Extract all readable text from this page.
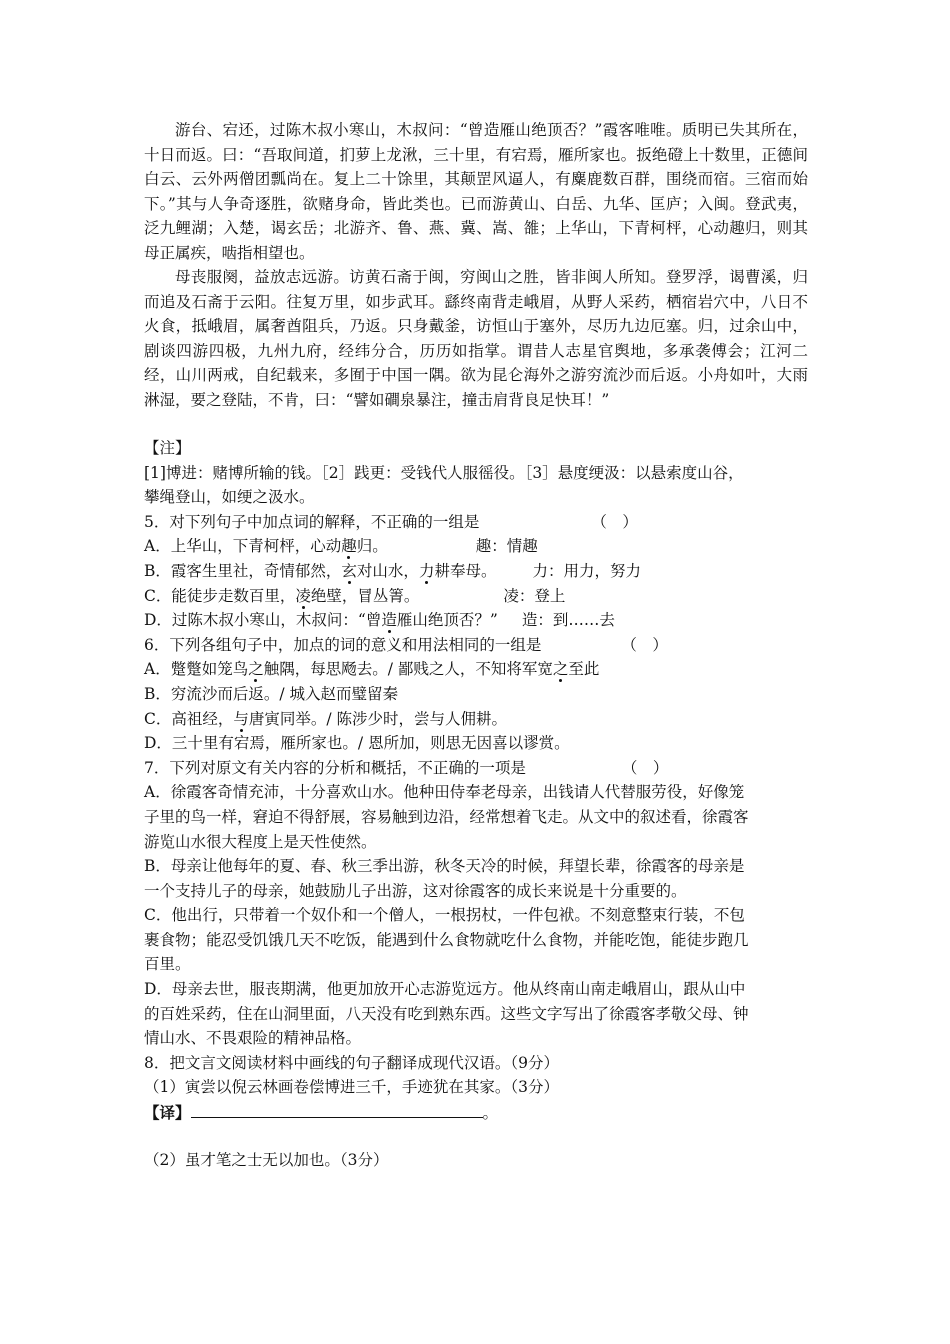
游台、宕还，过陈木叔小寒山，木叔问：“曾造雁山绝顶否？”霞客唯唯。质明已失其所在，十日而返。曰：“吾取间道，扪萝上龙湫，三十里，有宕焉，雁所家也。扳绝磴上十数里，正德间白云、云外两僧团瓢尚在。复上二十馀里，其颠罡风逼人，有麋鹿数百群，围绕而宿。三宿而始下。”其与人争奇逐胜，欲赌身命，皆此类也。已而游黄山、白岳、九华、匡庐；入闽。登武夷，泛九鲤湖；入楚，谒玄岳；北游齐、鲁、燕、冀、嵩、雒；上华山，下青柯枰，心动趣归，则其母正属疾，啮指相望也。

母丧服阕，益放志远游。访黄石斋于闽，穷闽山之胜，皆非闽人所知。登罗浮，谒曹溪，归而追及石斋于云阳。往复万里，如步武耳。繇终南背走峨眉，从野人采药，栖宿岩穴中，八日不火食，抵峨眉，属奢酋阻兵，乃返。只身戴釜，访恒山于塞外，尽历九边厄塞。归，过余山中，剧谈四游四极，九州九府，经纬分合，历历如指掌。谓昔人志星官舆地，多承袭傅会；江河二经，山川两戒，自纪载来，多囿于中国一隅。欲为昆仑海外之游穷流沙而后返。小舟如叶，大雨淋湿，要之登陆，不肯，曰：“譬如磵泉暴注，撞击肩背良足快耳！”

【注】

[1]博进：赌博所输的钱。［2］践更：受钱代人服徭役。［3］悬度绠汲：以悬索度山谷，

攀绳登山，如绠之汲水。

5．对下列句子中加点词的解释，不正确的一组是	（　）

A．上华山，下青柯枰，心动趣归。	趣：情趣

B．霞客生里社，奇情郁然，玄对山水，力耕奉母。 力：用力，努力

C．能徒步走数百里，凌绝壁，冒丛箐。	凌：登上

D．过陈木叔小寒山，木叔问：“曾造雁山绝顶否？” 造：到……去

6．下列各组句子中，加点的词的意义和用法相同的一组是	（　）

A．蹩蹩如笼鸟之触隅，每思飏去。/ 鄙贱之人，不知将军宽之至此

B．穷流沙而后返。/ 城入赵而璧留秦

C．高祖经，与唐寅同举。/ 陈涉少时，尝与人佣耕。

D．三十里有宕焉，雁所家也。/ 恩所加，则思无因喜以谬赏。

7．下列对原文有关内容的分析和概括，不正确的一项是	（　）

A．徐霞客奇情充沛，十分喜欢山水。他种田侍奉老母亲，出钱请人代替服劳役，好像笼

子里的鸟一样，窘迫不得舒展，容易触到边沿，经常想着飞走。从文中的叙述看，徐霞客

游览山水很大程度上是天性使然。

B．母亲让他每年的夏、春、秋三季出游，秋冬天冷的时候，拜望长辈，徐霞客的母亲是

一个支持儿子的母亲，她鼓励儿子出游，这对徐霞客的成长来说是十分重要的。

C．他出行，只带着一个奴仆和一个僧人，一根拐杖，一件包袱。不刻意整束行装，不包

裹食物；能忍受饥饿几天不吃饭，能遇到什么食物就吃什么食物，并能吃饱，能徒步跑几

百里。

D．母亲去世，服丧期满，他更加放开心志游览远方。他从终南山南走峨眉山，跟从山中

的百姓采药，住在山洞里面，八天没有吃到熟东西。这些文字写出了徐霞客孝敬父母、钟

情山水、不畏艰险的精神品格。

8．把文言文阅读材料中画线的句子翻译成现代汉语。（9分）

（1）寅尝以倪云林画卷偿博进三千，手迹犹在其家。（3分）

【译】	。

（2）虽才笔之士无以加也。（3分）
